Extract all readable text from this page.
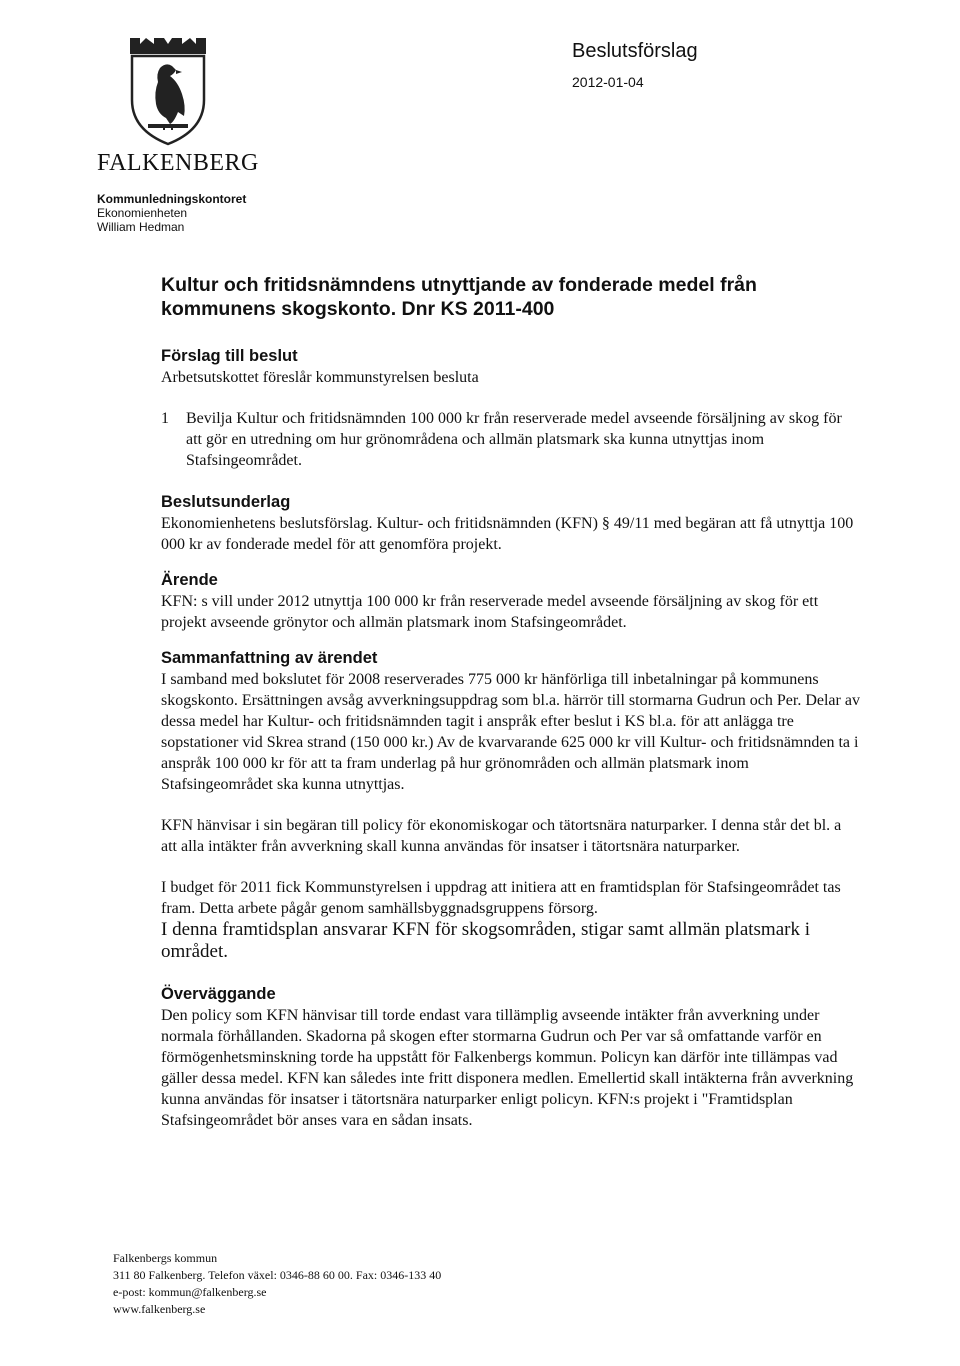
FALKENBERG
Kommunledningskontoret
Ekonomienheten
William Hedman
Beslutsförslag
2012-01-04
Kultur och fritidsnämndens utnyttjande av fonderade medel från kommunens skogskonto. Dnr KS 2011-400
Förslag till beslut

Arbetsutskottet föreslår kommunstyrelsen besluta

1	Bevilja Kultur och fritidsnämnden 100 000 kr från reserverade medel avseende försäljning av skog för att gör en utredning om hur grönområdena och allmän platsmark ska kunna utnyttjas inom Stafsingeområdet.
Beslutsunderlag

Ekonomienhetens beslutsförslag. Kultur- och fritidsnämnden (KFN) § 49/11 med begäran att få utnyttja 100 000 kr av fonderade medel för att genomföra projekt.

Ärende

KFN: s vill under 2012 utnyttja 100 000 kr från reserverade medel avseende försäljning av skog för ett projekt avseende grönytor och allmän platsmark inom Stafsingeområdet.

Sammanfattning av ärendet

I samband med bokslutet för 2008 reserverades 775 000 kr hänförliga till inbetalningar på kommunens skogskonto. Ersättningen avsåg avverkningsuppdrag som bl.a. härrör till stormarna Gudrun och Per. Delar av dessa medel har Kultur- och fritidsnämnden tagit i anspråk efter beslut i KS bl.a. för att anlägga tre sopstationer vid Skrea strand (150 000 kr.) Av de kvarvarande 625 000 kr vill Kultur- och fritidsnämnden ta i anspråk 100 000 kr för att ta fram underlag på hur grönområden och allmän platsmark inom Stafsingeområdet ska kunna utnyttjas.

KFN hänvisar i sin begäran till policy för ekonomiskogar och tätortsnära naturparker. I denna står det bl. a att alla intäkter från avverkning skall kunna användas för insatser i tätortsnära naturparker.

I budget för 2011 fick Kommunstyrelsen i uppdrag att initiera att en framtidsplan för Stafsingeområdet tas fram. Detta arbete pågår genom samhällsbyggnadsgruppens försorg.

I denna framtidsplan ansvarar KFN för skogsområden, stigar samt allmän platsmark i området.

Överväggande

Den policy som KFN hänvisar till torde endast vara tillämplig avseende intäkter från avverkning under normala förhållanden. Skadorna på skogen efter stormarna Gudrun och Per var så omfattande varför en förmögenhetsminskning torde ha uppstått för Falkenbergs kommun. Policyn kan därför inte tillämpas vad gäller dessa medel. KFN kan således inte fritt disponera medlen. Emellertid skall intäkterna från avverkning kunna användas för insatser i tätortsnära naturparker enligt policyn. KFN:s projekt i "Framtidsplan Stafsingeområdet bör anses vara en sådan insats.

Falkenbergs kommun
311 80 Falkenberg. Telefon växel: 0346-88 60 00. Fax: 0346-133 40
e-post: kommun@falkenberg.se
www.falkenberg.se
